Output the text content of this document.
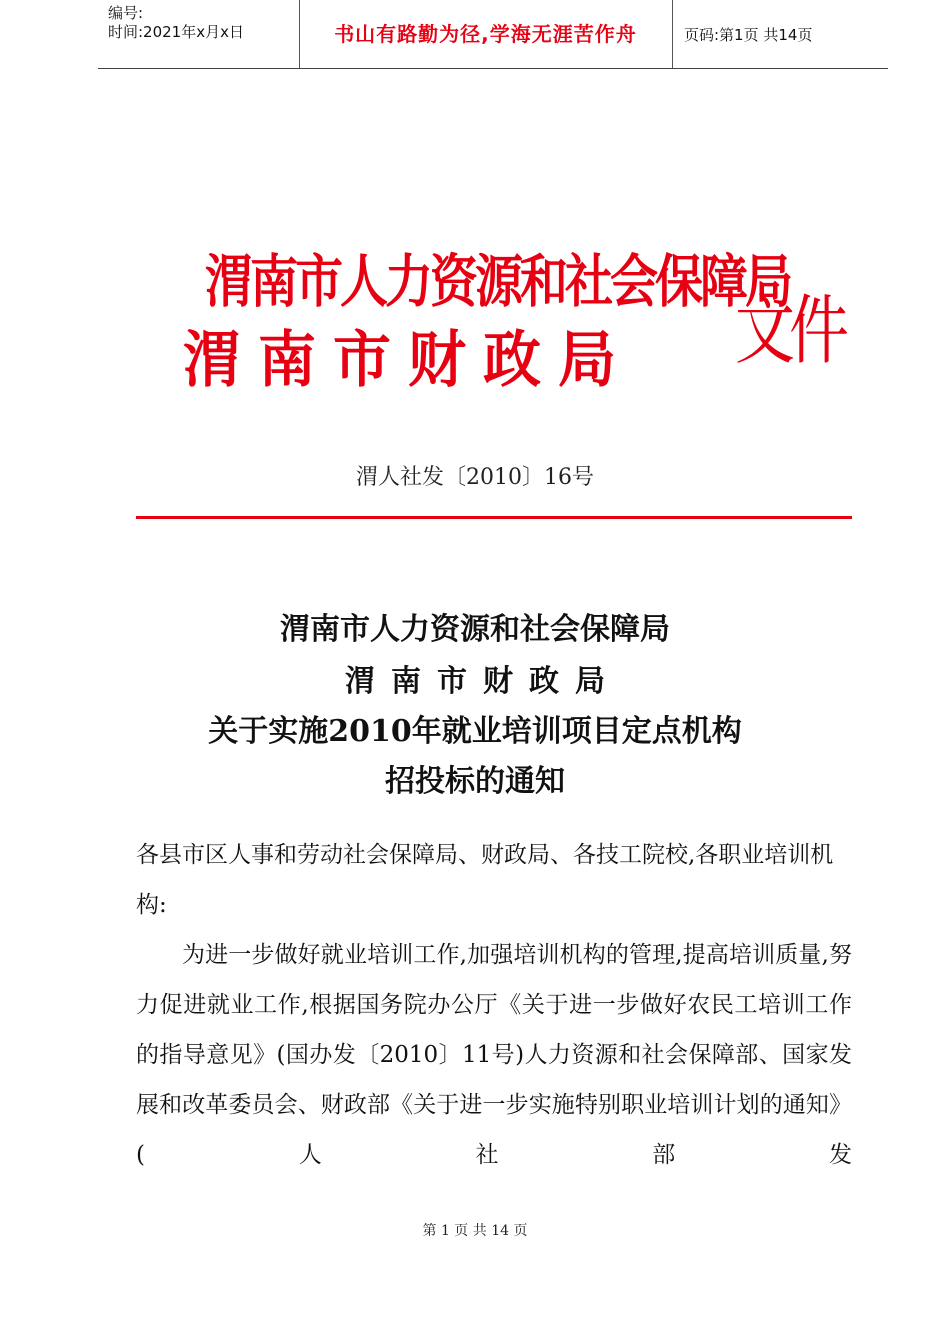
编号:
时间:2021年x月x日	书山有路勤为径,学海无涯苦作舟	页码:第1页 共14页
渭南市人力资源和社会保障局
渭南市财政局 文件
渭人社发〔2010〕16号
渭南市人力资源和社会保障局
渭南市财政局
关于实施2010年就业培训项目定点机构
招投标的通知
各县市区人事和劳动社会保障局、财政局、各技工院校,各职业培训机构:
为进一步做好就业培训工作,加强培训机构的管理,提高培训质量,努力促进就业工作,根据国务院办公厅《关于进一步做好农民工培训工作的指导意见》(国办发〔2010〕11号)人力资源和社会保障部、国家发展和改革委员会、财政部《关于进一步实施特别职业培训计划的通知》(人社部发
第 1 页 共 14 页
